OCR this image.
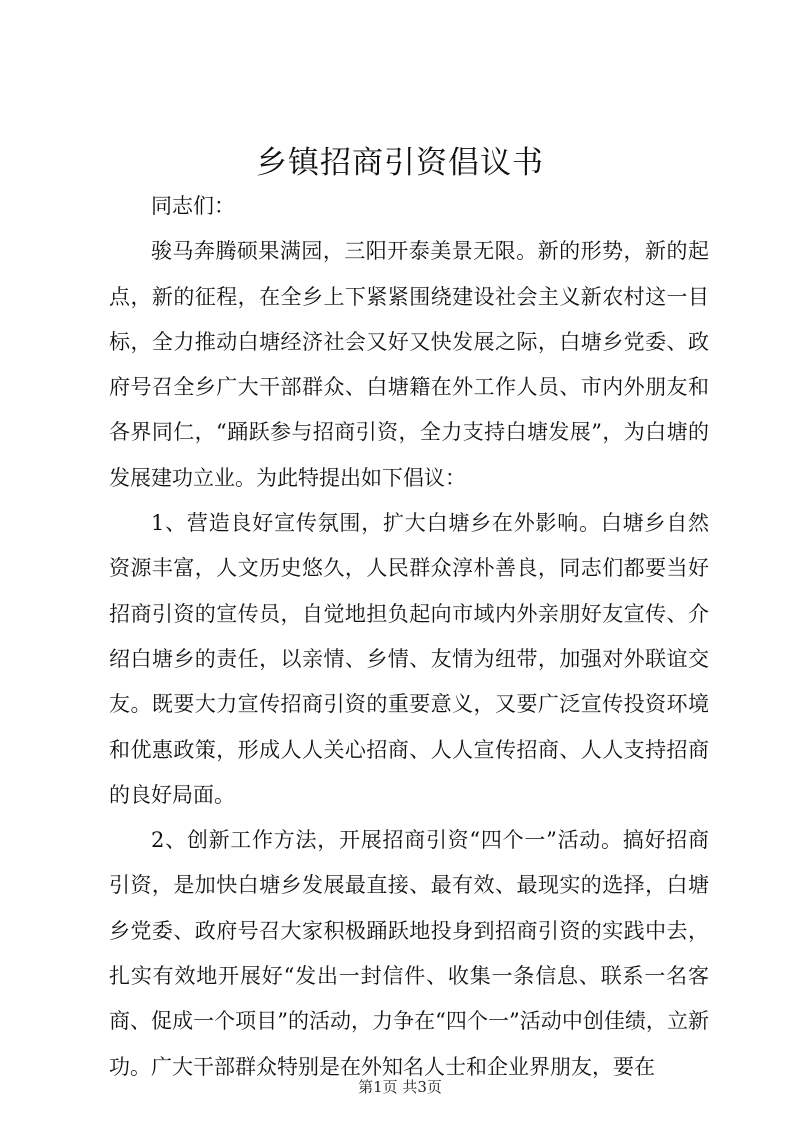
乡镇招商引资倡议书

同志们：

骏马奔腾硕果满园，三阳开泰美景无限。新的形势，新的起点，新的征程，在全乡上下紧紧围绕建设社会主义新农村这一目标，全力推动白塘经济社会又好又快发展之际，白塘乡党委、政府号召全乡广大干部群众、白塘籍在外工作人员、市内外朋友和各界同仁，“踊跃参与招商引资，全力支持白塘发展”，为白塘的发展建功立业。为此特提出如下倡议：

1、营造良好宣传氛围，扩大白塘乡在外影响。白塘乡自然资源丰富，人文历史悠久，人民群众淳朴善良，同志们都要当好招商引资的宣传员，自觉地担负起向市域内外亲朋好友宣传、介绍白塘乡的责任，以亲情、乡情、友情为纽带，加强对外联谊交友。既要大力宣传招商引资的重要意义，又要广泛宣传投资环境和优惠政策，形成人人关心招商、人人宣传招商、人人支持招商的良好局面。

2、创新工作方法，开展招商引资“四个一”活动。搞好招商引资，是加快白塘乡发展最直接、最有效、最现实的选择，白塘乡党委、政府号召大家积极踊跃地投身到招商引资的实践中去，扎实有效地开展好“发出一封信件、收集一条信息、联系一名客商、促成一个项目”的活动，力争在“四个一”活动中创佳绩，立新功。广大干部群众特别是在外知名人士和企业界朋友，要在

第1页 共3页
